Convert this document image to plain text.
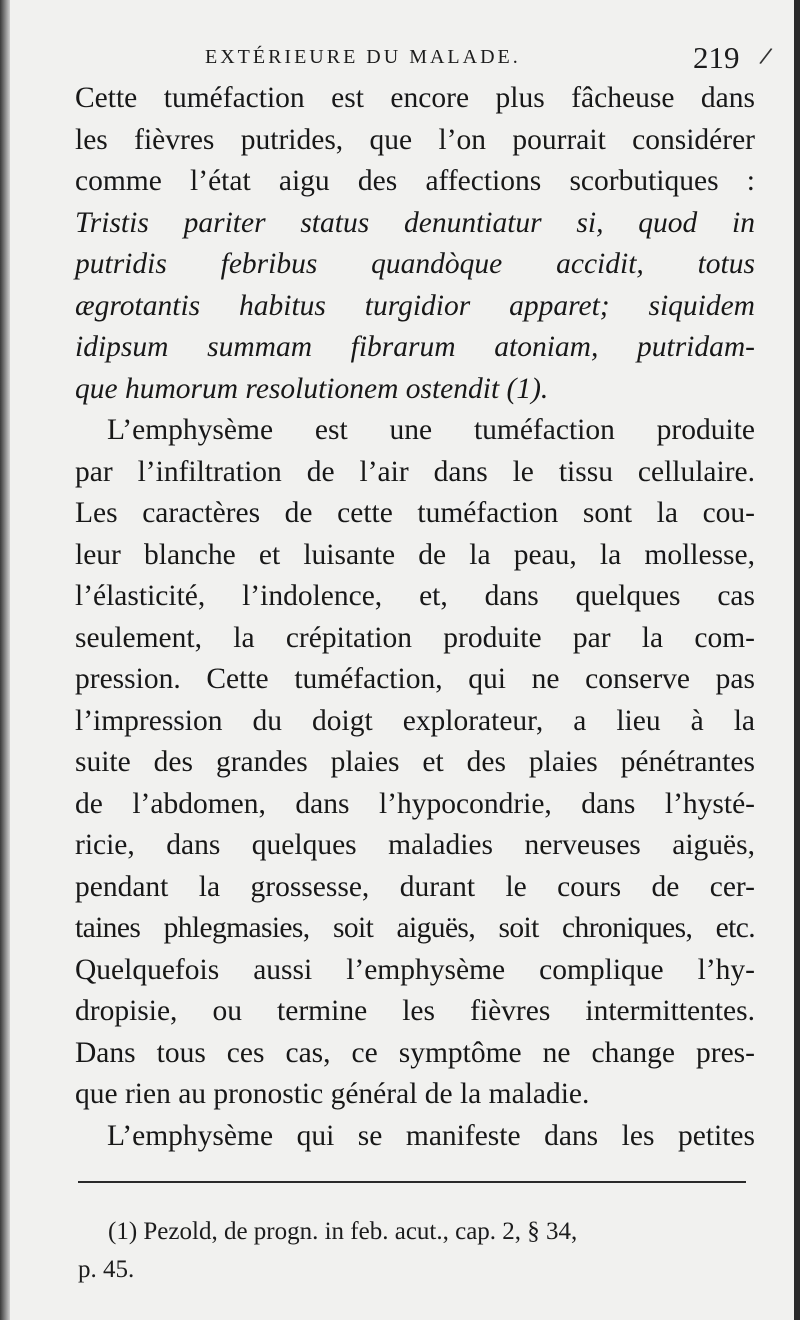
EXTÉRIEURE DU MALADE.	219 /
Cette tuméfaction est encore plus fâcheuse dans
les fièvres putrides, que l’on pourrait considérer
comme l’état aigu des affections scorbutiques :
Tristis pariter status denuntiatur si, quod in
putridis febribus quandòque accidit, totus
ægrotantis habitus turgidior apparet; siquidem
idipsum summam fibrarum atoniam, putridam-
que humorum resolutionem ostendit (1).
L’emphysème est une tuméfaction produite
par l’infiltration de l’air dans le tissu cellulaire.
Les caractères de cette tuméfaction sont la cou-
leur blanche et luisante de la peau, la mollesse,
l’élasticité, l’indolence, et, dans quelques cas
seulement, la crépitation produite par la com-
pression. Cette tuméfaction, qui ne conserve pas
l’impression du doigt explorateur, a lieu à la
suite des grandes plaies et des plaies pénétrantes
de l’abdomen, dans l’hypocondrie, dans l’hysté-
ricie, dans quelques maladies nerveuses aiguës,
pendant la grossesse, durant le cours de cer-
taines phlegmasies, soit aiguës, soit chroniques, etc.
Quelquefois aussi l’emphysème complique l’hy-
dropisie, ou termine les fièvres intermittentes.
Dans tous ces cas, ce symptôme ne change pres-
que rien au pronostic général de la maladie.
L’emphysème qui se manifeste dans les petites
(1) Pezold, de progn. in feb. acut., cap. 2, § 34,
p. 45.
